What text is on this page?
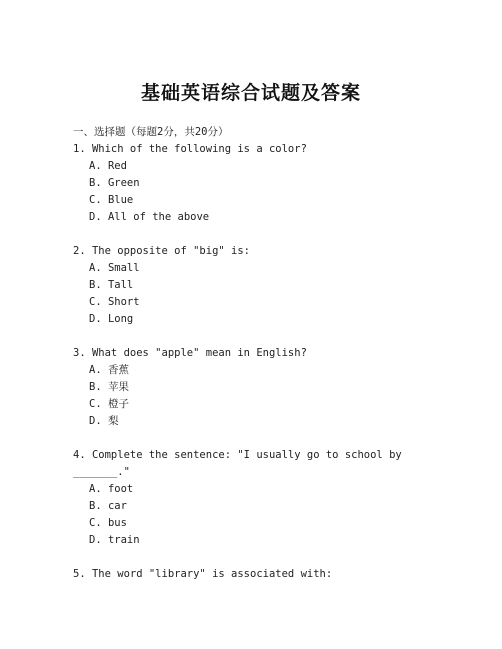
基础英语综合试题及答案
一、选择题（每题2分，共20分）
1. Which of the following is a color?
A. Red
B. Green
C. Blue
D. All of the above
2. The opposite of "big" is:
A. Small
B. Tall
C. Short
D. Long
3. What does "apple" mean in English?
A. 香蕉
B. 苹果
C. 橙子
D. 梨
4. Complete the sentence: "I usually go to school by _______."
A. foot
B. car
C. bus
D. train
5. The word "library" is associated with:
